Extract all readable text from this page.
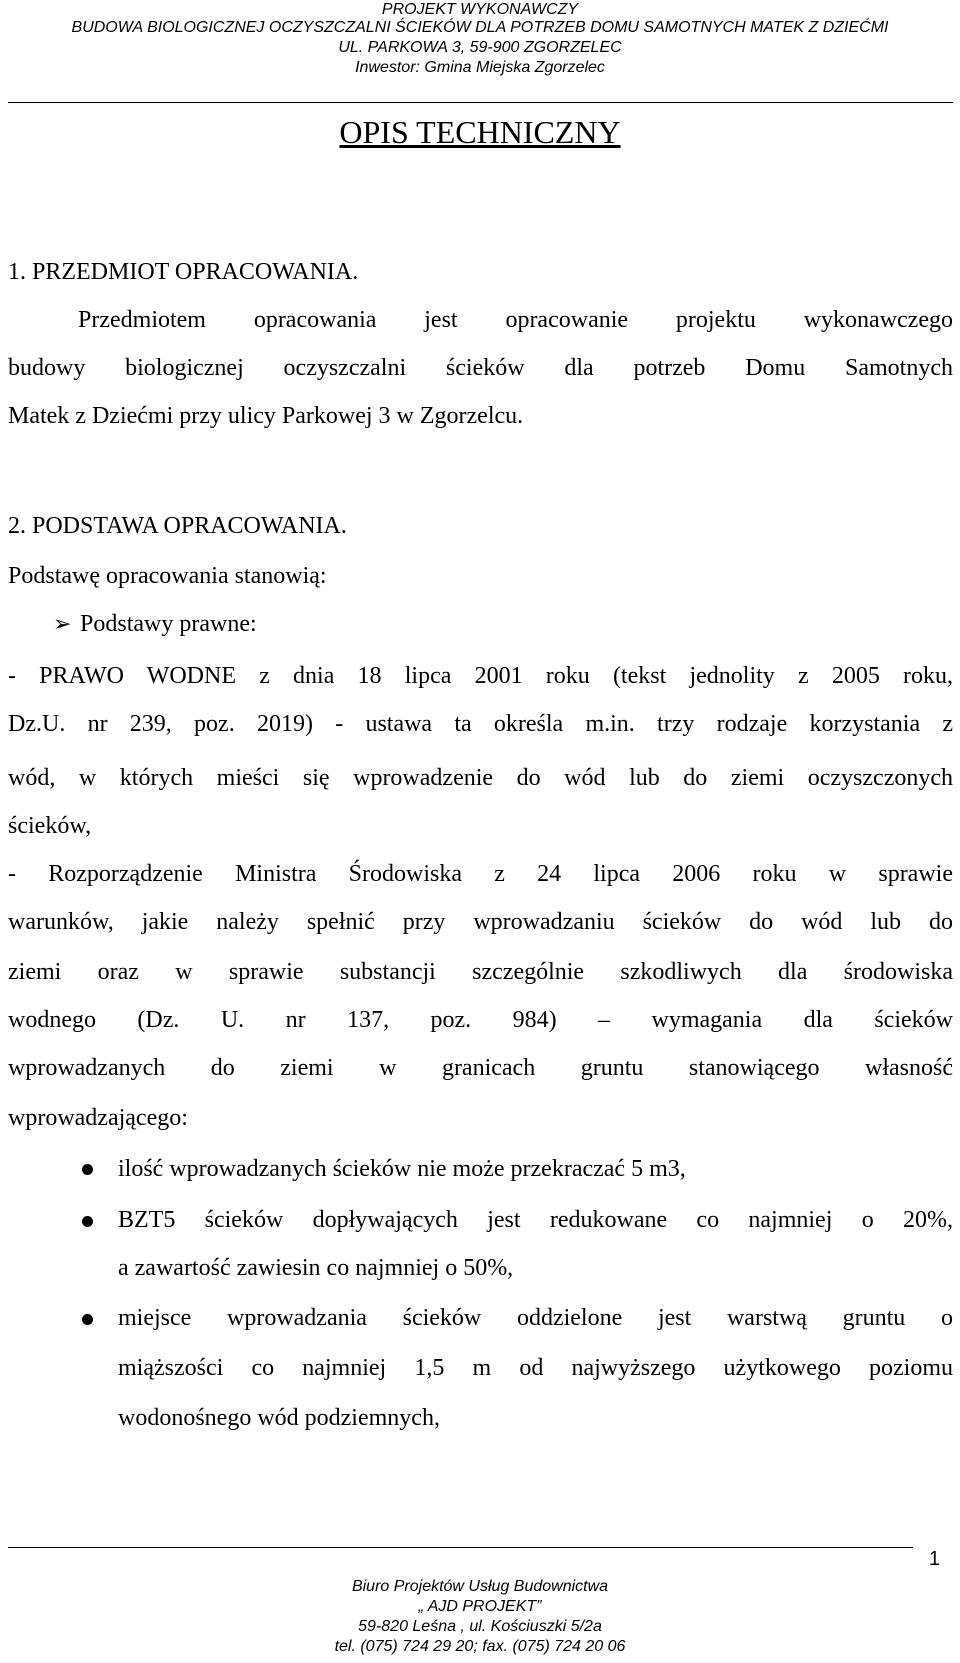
PROJEKT WYKONAWCZY
BUDOWA BIOLOGICZNEJ OCZYSZCZALNI ŚCIEKÓW DLA POTRZEB DOMU SAMOTNYCH MATEK Z DZIEĆMI
UL. PARKOWA 3, 59-900 ZGORZELEC
Inwestor: Gmina Miejska Zgorzelec
OPIS TECHNICZNY
1. PRZEDMIOT OPRACOWANIA.
Przedmiotem opracowania jest opracowanie projektu wykonawczego
budowy biologicznej oczyszczalni ścieków dla potrzeb Domu Samotnych
Matek z Dziećmi przy ulicy Parkowej 3 w Zgorzelcu.
2. PODSTAWA OPRACOWANIA.
Podstawę opracowania stanowią:
➢ Podstawy prawne:
- PRAWO WODNE z dnia 18 lipca 2001 roku (tekst jednolity z 2005 roku,
Dz.U. nr 239, poz. 2019) - ustawa ta określa m.in. trzy rodzaje korzystania z
wód, w których mieści się wprowadzenie do wód lub do ziemi oczyszczonych
ścieków,
- Rozporządzenie Ministra Środowiska z 24 lipca 2006 roku w sprawie
warunków, jakie należy spełnić przy wprowadzaniu ścieków do wód lub do
ziemi oraz w sprawie substancji szczególnie szkodliwych dla środowiska
wodnego (Dz. U. nr 137, poz. 984) – wymagania dla ścieków
wprowadzanych do ziemi w granicach gruntu stanowiącego własność
wprowadzającego:
ilość wprowadzanych ścieków nie może przekraczać 5 m3,
BZT5 ścieków dopływających jest redukowane co najmniej o 20%,
a zawartość zawiesin co najmniej o 50%,
miejsce wprowadzania ścieków oddzielone jest warstwą gruntu o
miąższości co najmniej 1,5 m od najwyższego użytkowego poziomu
wodonośnego wód podziemnych,
1
Biuro Projektów Usług Budownictwa
„ AJD PROJEKT”
59-820 Leśna , ul. Kościuszki 5/2a
tel. (075) 724 29 20; fax. (075) 724 20 06
